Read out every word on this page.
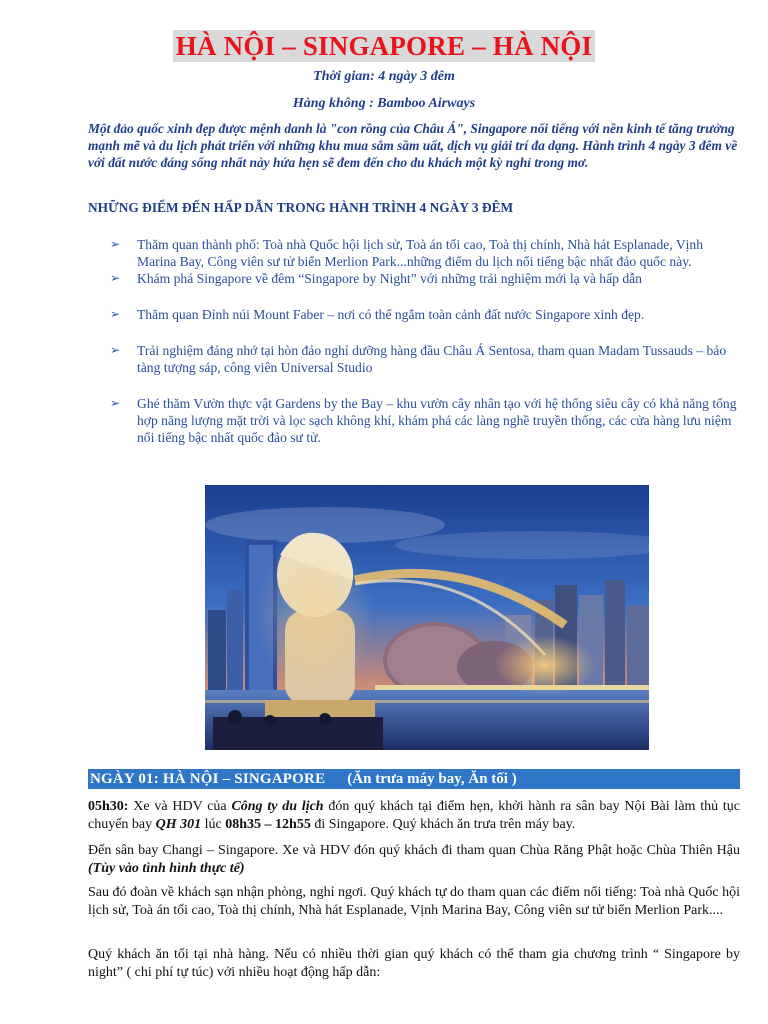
HÀ NỘI – SINGAPORE – HÀ NỘI
Thời gian: 4 ngày 3 đêm
Hàng không : Bamboo Airways

Một đảo quốc xinh đẹp được mệnh danh là "con rồng của Châu Á", Singapore nổi tiếng với nền kinh tế tăng trưởng mạnh mẽ và du lịch phát triển với những khu mua sắm sầm uất, dịch vụ giải trí đa dạng. Hành trình 4 ngày 3 đêm về với đất nước đáng sống nhất này hứa hẹn sẽ đem đến cho du khách một kỳ nghỉ trong mơ.

NHỮNG ĐIỂM ĐẾN HẤP DẪN TRONG HÀNH TRÌNH 4 NGÀY 3 ĐÊM

➢ Thăm quan thành phố: Toà nhà Quốc hội lịch sử, Toà án tối cao, Toà thị chính, Nhà hát Esplanade, Vịnh Marina Bay, Công viên sư tử biển Merlion Park...những điểm du lịch nổi tiếng bậc nhất đảo quốc này.
➢ Khám phá Singapore về đêm “Singapore by Night” với những trải nghiệm mới lạ và hấp dẫn
➢ Thăm quan Đỉnh núi Mount Faber – nơi có thể ngắm toàn cảnh đất nước Singapore xinh đẹp.
➢ Trải nghiệm đáng nhớ tại hòn đảo nghỉ dưỡng hàng đầu Châu Á Sentosa, tham quan Madam Tussauds – bảo tàng tượng sáp, công viên Universal Studio
➢ Ghé thăm Vườn thực vật Gardens by the Bay – khu vườn cây nhân tạo với hệ thống siêu cây có khả năng tổng hợp năng lượng mặt trời và lọc sạch không khí, khám phá các làng nghề truyền thống, các cửa hàng lưu niệm nổi tiếng bậc nhất quốc đảo sư tử.
NGÀY 01: HÀ NỘI – SINGAPORE (Ăn trưa máy bay, Ăn tối )

05h30: Xe và HDV của Công ty du lịch đón quý khách tại điểm hẹn, khởi hành ra sân bay Nội Bài làm thủ tục chuyến bay QH 301 lúc 08h35 – 12h55 đi Singapore. Quý khách ăn trưa trên máy bay.

Đến sân bay Changi – Singapore. Xe và HDV đón quý khách đi tham quan Chùa Răng Phật hoặc Chùa Thiên Hậu (Tùy vào tình hình thực tế)

Sau đó đoàn về khách sạn nhận phòng, nghỉ ngơi. Quý khách tự do tham quan các điểm nổi tiếng: Toà nhà Quốc hội lịch sử, Toà án tối cao, Toà thị chính, Nhà hát Esplanade, Vịnh Marina Bay, Công viên sư tử biển Merlion Park....

Quý khách ăn tối tại nhà hàng. Nếu có nhiều thời gian quý khách có thể tham gia chương trình “ Singapore by night” ( chi phí tự túc) với nhiều hoạt động hấp dẫn:
